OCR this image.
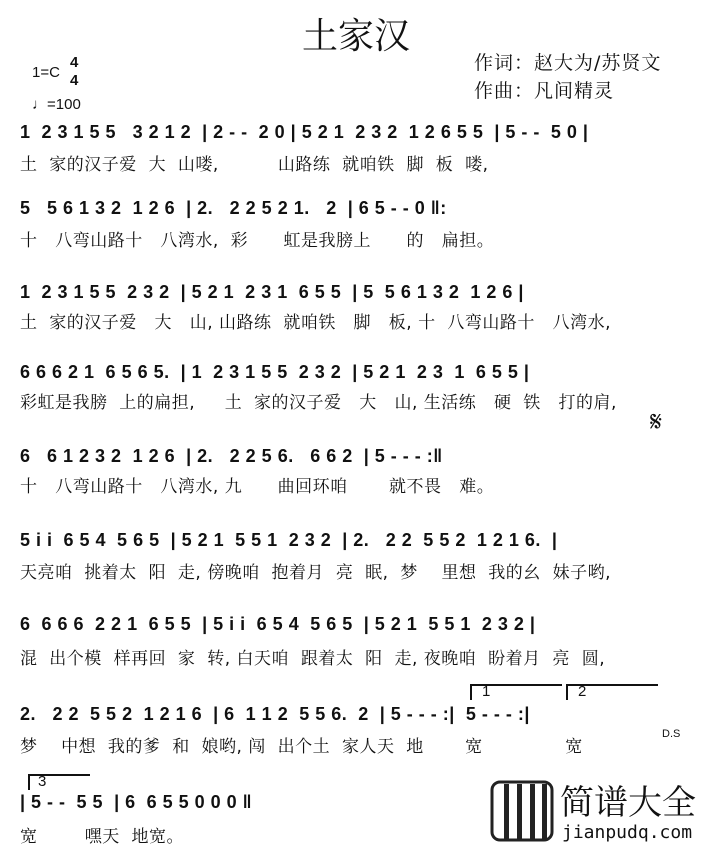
土家汉
1=C
4
4
♩=100
作词：赵大为/苏贤文
作曲：凡间精灵
1  2 3 1 5 5   3 2 1 2  | 2 - -  2 0 | 5 2 1  2 3 2  1 2 6 5 5  | 5 - -  5 0 |
土  家的汉子爱  大  山喽,          山路练  就咱铁  脚  板  喽,
5   5 6 1 3 2  1 2 6  | 2.   2 2 5 2 1.   2  | 6 5 - - 0 ‖:
十   八弯山路十   八湾水,  彩      虹是我膀上      的   扁担。
1  2 3 1 5 5  2 3 2  | 5 2 1  2 3 1  6 5 5  | 5  5 6 1 3 2  1 2 6 |
土  家的汉子爱   大   山, 山路练  就咱铁   脚   板, 十  八弯山路十   八湾水,
6 6 6 2 1  6 5 6 5.  | 1  2 3 1 5 5  2 3 2  | 5 2 1  2 3  1  6 5 5 |
彩虹是我膀  上的扁担,     土  家的汉子爱   大   山, 生活练   硬  铁   打的肩,
6   6 1 2 3 2  1 2 6  | 2.   2 2 5 6.   6 6 2  | 5 - - - :‖
十   八弯山路十   八湾水, 九      曲回环咱       就不畏   难。
5 i i  6 5 4  5 6 5  | 5 2 1  5 5 1  2 3 2  | 2.   2 2  5 5 2  1 2 1 6.  |
天亮咱  挑着太  阳  走, 傍晚咱  抱着月  亮  眠,  梦    里想  我的幺  妹子哟,
6  6 6 6  2 2 1  6 5 5  | 5 i i  6 5 4  5 6 5  | 5 2 1  5 5 1  2 3 2 |
混  出个模  样再回  家  转, 白天咱  跟着太  阳  走, 夜晚咱  盼着月  亮  圆,
2.   2 2  5 5 2  1 2 1 6  | 6  1 1 2  5 5 6.  2  | 5 - - - :|  5 - - - :|
梦    中想  我的爹  和  娘哟, 闯  出个土  家人天  地       宽              宽
| 5 - -  5 5  | 6  6 5 5 0 0 0 ‖
宽        嘿天  地宽。
𝄋
D.S
1	2
3
简谱大全
jianpudq.com
